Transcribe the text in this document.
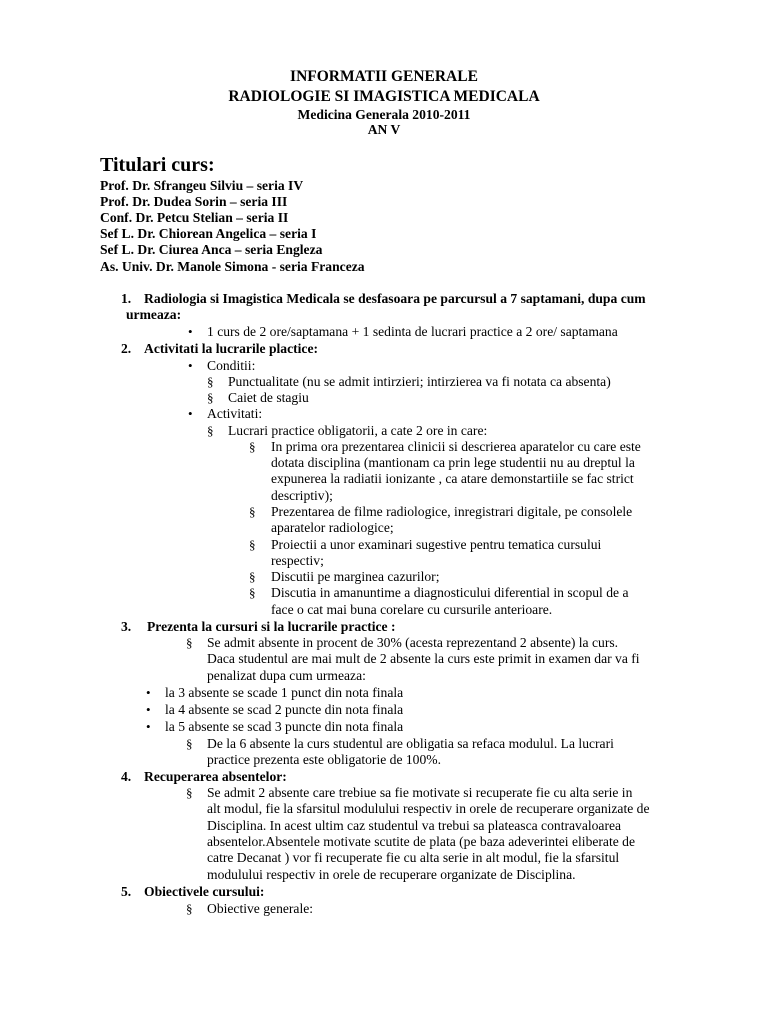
INFORMATII GENERALE
RADIOLOGIE SI IMAGISTICA MEDICALA
Medicina Generala 2010-2011
AN V
Titulari curs:
Prof. Dr. Sfrangeu Silviu – seria IV
Prof. Dr. Dudea Sorin – seria III
Conf. Dr. Petcu Stelian – seria II
Sef L. Dr. Chiorean Angelica – seria I
Sef L. Dr. Ciurea Anca – seria Engleza
As. Univ. Dr. Manole Simona - seria Franceza
1. Radiologia si Imagistica Medicala se desfasoara pe parcursul a 7 saptamani, dupa cum
urmeaza:
• 1 curs de 2 ore/saptamana + 1 sedinta de lucrari practice a 2 ore/ saptamana
2. Activitati la lucrarile plactice:
• Conditii:
§ Punctualitate (nu se admit intirzieri; intirzierea va fi notata ca absenta)
§ Caiet de stagiu
• Activitati:
§ Lucrari practice obligatorii, a cate 2 ore in care:
§ In prima ora prezentarea clinicii si descrierea aparatelor cu care este
dotata disciplina (mantionam ca prin lege studentii nu au dreptul la
expunerea la radiatii ionizante , ca atare demonstartiile se fac strict
descriptiv);
§ Prezentarea de filme radiologice, inregistrari digitale, pe consolele
aparatelor radiologice;
§ Proiectii a unor examinari sugestive pentru tematica cursului
respectiv;
§ Discutii pe marginea cazurilor;
§ Discutia in amanuntime a diagnosticului diferential in scopul de a
face o cat mai buna corelare cu cursurile anterioare.
3. Prezenta la cursuri si la lucrarile practice :
§ Se admit absente in procent de 30% (acesta reprezentand 2 absente) la curs.
Daca studentul are mai mult de 2 absente la curs este primit in examen dar va fi
penalizat dupa cum urmeaza:
• la 3 absente se scade 1 punct din nota finala
• la 4 absente se scad 2 puncte din nota finala
• la 5 absente se scad 3 puncte din nota finala
§ De la 6 absente la curs studentul are obligatia sa refaca modulul. La lucrari
practice prezenta este obligatorie de 100%.
4. Recuperarea absentelor:
§ Se admit 2 absente care trebiue sa fie motivate si recuperate fie cu alta serie in
alt modul, fie la sfarsitul modulului respectiv in orele de recuperare organizate de
Disciplina. In acest ultim caz studentul va trebui sa plateasca contravaloarea
absentelor.Absentele motivate scutite de plata (pe baza adeverintei eliberate de
catre Decanat ) vor fi recuperate fie cu alta serie in alt modul, fie la sfarsitul
modulului respectiv in orele de recuperare organizate de Disciplina.
5. Obiectivele cursului:
§ Obiective generale:
